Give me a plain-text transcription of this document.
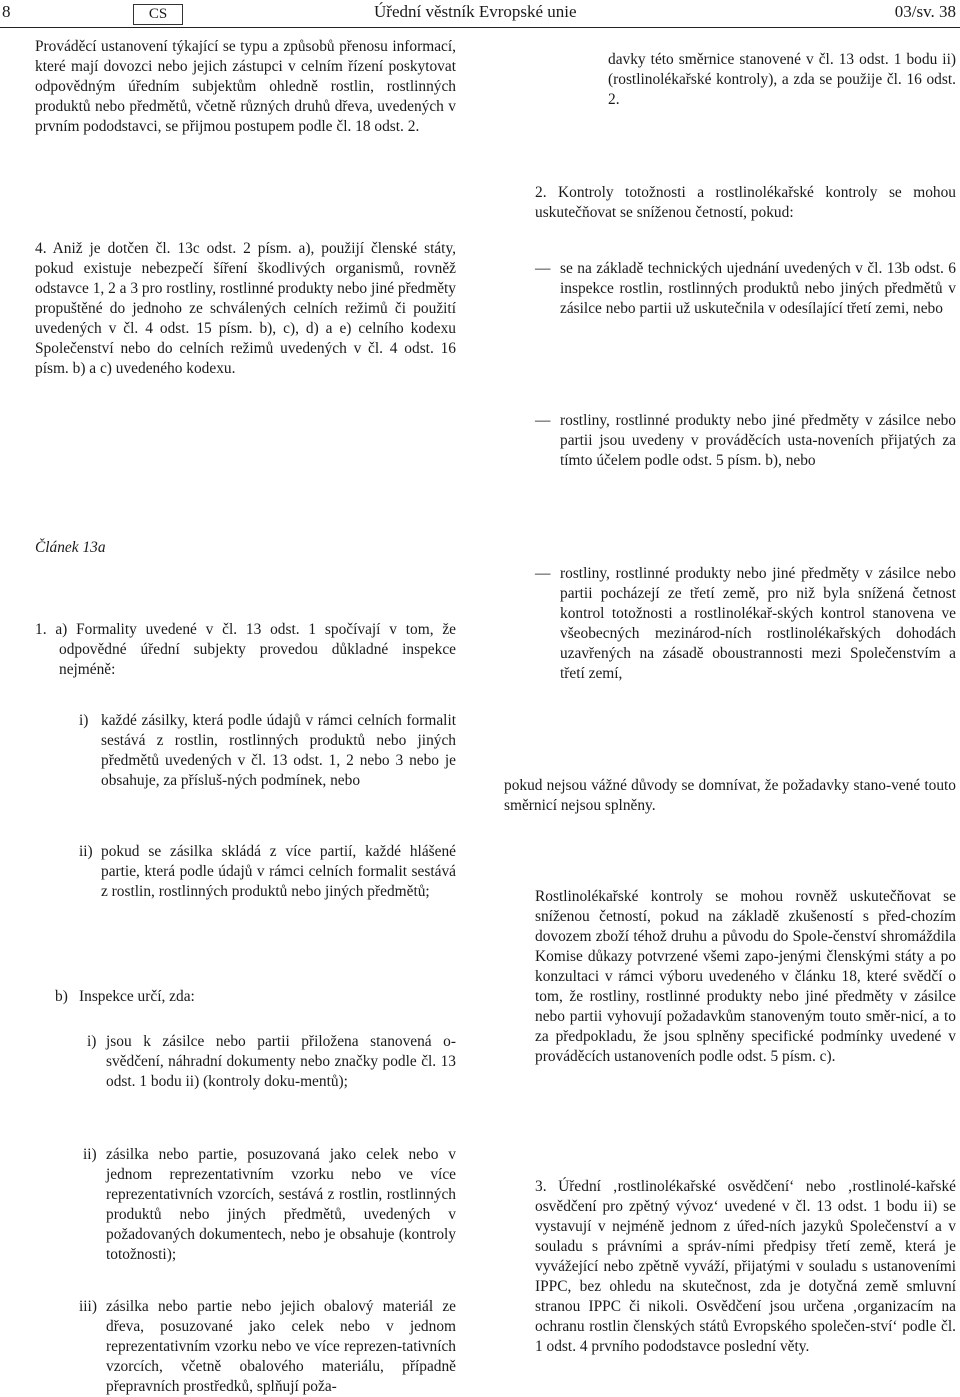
8	CS	Úřední věstník Evropské unie	03/sv. 38

Prováděcí ustanovení týkající se typu a způsobů přenosu informací, které mají dovozci nebo jejich zástupci v celním řízení poskytovat odpovědným úředním subjektům ohledně rostlin, rostlinných produktů nebo předmětů, včetně různých druhů dřeva, uvedených v prvním pododstavci, se přijmou postupem podle čl. 18 odst. 2.

4. Aniž je dotčen čl. 13c odst. 2 písm. a), použijí členské státy, pokud existuje nebezpečí šíření škodlivých organismů, rovněž odstavce 1, 2 a 3 pro rostliny, rostlinné produkty nebo jiné předměty propuštěné do jednoho ze schválených celních režimů či použití uvedených v čl. 4 odst. 15 písm. b), c), d) a e) celního kodexu Společenství nebo do celních režimů uvedených v čl. 4 odst. 16 písm. b) a c) uvedeného kodexu.

Článek 13a

1. a) Formality uvedené v čl. 13 odst. 1 spočívají v tom, že odpovědné úřední subjekty provedou důkladné inspekce nejméně:

i) každé zásilky, která podle údajů v rámci celních formalit sestává z rostlin, rostlinných produktů nebo jiných předmětů uvedených v čl. 13 odst. 1, 2 nebo 3 nebo je obsahuje, za přísluš-ných podmínek, nebo

ii) pokud se zásilka skládá z více partií, každé hlášené partie, která podle údajů v rámci celních formalit sestává z rostlin, rostlinných produktů nebo jiných předmětů;

b) Inspekce určí, zda:

i) jsou k zásilce nebo partii přiložena stanovená o-svědčení, náhradní dokumenty nebo značky podle čl. 13 odst. 1 bodu ii) (kontroly doku-mentů);

ii) zásilka nebo partie, posuzovaná jako celek nebo v jednom reprezentativním vzorku nebo ve více reprezentativních vzorcích, sestává z rostlin, rostlinných produktů nebo jiných předmětů, uvedených v požadovaných dokumentech, nebo je obsahuje (kontroly totožnosti);

iii) zásilka nebo partie nebo jejich obalový materiál ze dřeva, posuzované jako celek nebo v jednom reprezentativním vzorku nebo ve více reprezen-tativních vzorcích, včetně obalového materiálu, případně přepravních prostředků, splňují poža-

davky této směrnice stanovené v čl. 13 odst. 1 bodu ii) (rostlinolékařské kontroly), a zda se použije čl. 16 odst. 2.

2. Kontroly totožnosti a rostlinolékařské kontroly se mohou uskutečňovat se sníženou četností, pokud:

— se na základě technických ujednání uvedených v čl. 13b odst. 6 inspekce rostlin, rostlinných produktů nebo jiných předmětů v zásilce nebo partii už uskutečnila v odesílající třetí zemi, nebo

— rostliny, rostlinné produkty nebo jiné předměty v zásilce nebo partii jsou uvedeny v prováděcích usta-noveních přijatých za tímto účelem podle odst. 5 písm. b), nebo

— rostliny, rostlinné produkty nebo jiné předměty v zásilce nebo partii pocházejí ze třetí země, pro niž byla snížená četnost kontrol totožnosti a rostlinolékař-ských kontrol stanovena ve všeobecných mezinárod-ních rostlinolékařských dohodách uzavřených na zásadě oboustrannosti mezi Společenstvím a třetí zemí,

pokud nejsou vážné důvody se domnívat, že požadavky stano-vené touto směrnicí nejsou splněny.

Rostlinolékařské kontroly se mohou rovněž uskutečňovat se sníženou četností, pokud na základě zkušeností s před-chozím dovozem zboží téhož druhu a původu do Spole-čenství shromáždila Komise důkazy potvrzené všemi zapo-jenými členskými státy a po konzultaci v rámci výboru uvedeného v článku 18, které svědčí o tom, že rostliny, rostlinné produkty nebo jiné předměty v zásilce nebo partii vyhovují požadavkům stanoveným touto směr-nicí, a to za předpokladu, že jsou splněny specifické podmínky uvedené v prováděcích ustanoveních podle odst. 5 písm. c).

3. Úřední ‚rostlinolékařské osvědčení‘ nebo ‚rostlinolé-kařské osvědčení pro zpětný vývoz‘ uvedené v čl. 13 odst. 1 bodu ii) se vystavují v nejméně jednom z úřed-ních jazyků Společenství a v souladu s právními a správ-ními předpisy třetí země, která je vyvážející nebo zpětně vyváží, přijatými v souladu s ustanoveními IPPC, bez ohledu na skutečnost, zda je dotyčná země smluvní stranou IPPC či nikoli. Osvědčení jsou určena ‚organizacím na ochranu rostlin členských států Evropského společen-ství‘ podle čl. 1 odst. 4 prvního pododstavce poslední věty.
